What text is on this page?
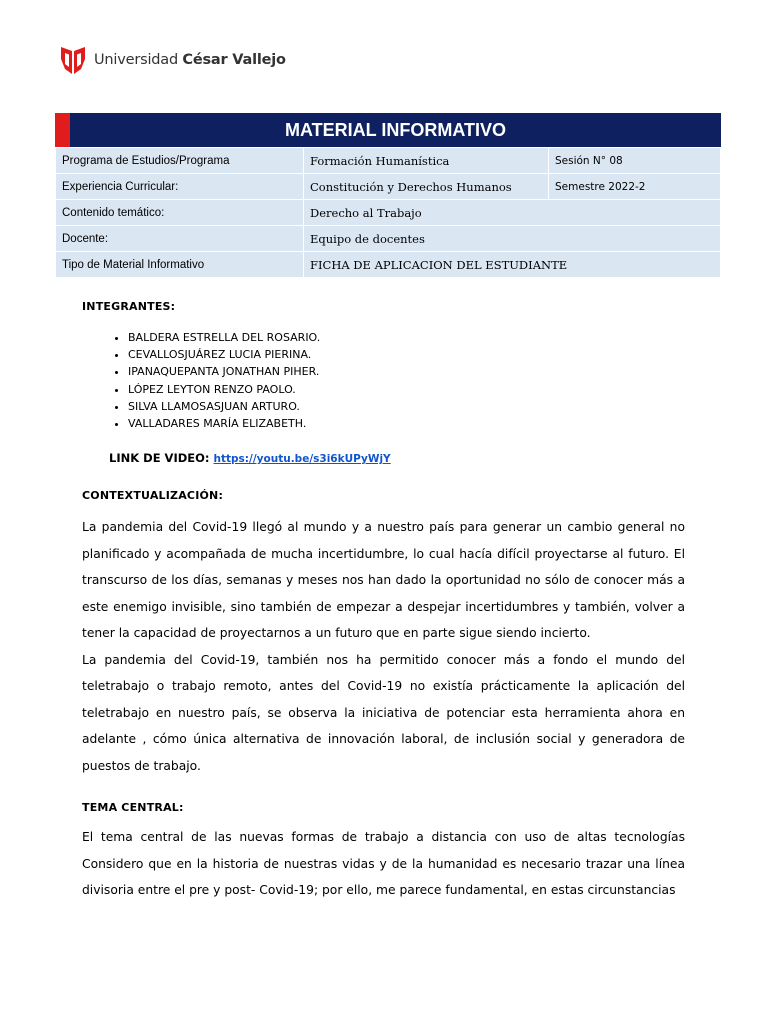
Universidad César Vallejo
MATERIAL INFORMATIVO
Programa de Estudios/Programa	Formación Humanística	Sesión N° 08
Experiencia Curricular:	Constitución y Derechos Humanos	Semestre 2022-2
Contenido temático:	Derecho al Trabajo	
Docente:	Equipo de docentes	
Tipo de Material Informativo	FICHA DE APLICACION DEL ESTUDIANTE	
INTEGRANTES:
• BALDERA ESTRELLA DEL ROSARIO.
• CEVALLOSJUÁREZ LUCIA PIERINA.
• IPANAQUEPANTA JONATHAN PIHER.
• LÓPEZ LEYTON RENZO PAOLO.
• SILVA LLAMOSASJUAN ARTURO.
• VALLADARES MARÍA ELIZABETH.
LINK DE VIDEO: https://youtu.be/s3i6kUPyWjY
CONTEXTUALIZACIÓN:

La pandemia del Covid-19 llegó al mundo y a nuestro país para generar un cambio general no planificado y acompañada de mucha incertidumbre, lo cual hacía difícil proyectarse al futuro. El transcurso de los días, semanas y meses nos han dado la oportunidad no sólo de conocer más a este enemigo invisible, sino también de empezar a despejar incertidumbres y también, volver a tener la capacidad de proyectarnos a un futuro que en parte sigue siendo incierto.

La pandemia del Covid-19, también nos ha permitido conocer más a fondo el mundo del teletrabajo o trabajo remoto, antes del Covid-19 no existía prácticamente la aplicación del teletrabajo en nuestro país, se observa la iniciativa de potenciar esta herramienta ahora en adelante , cómo única alternativa de innovación laboral, de inclusión social y generadora de puestos de trabajo.

TEMA CENTRAL:

El tema central de las nuevas formas de trabajo a distancia con uso de altas tecnologías Considero que en la historia de nuestras vidas y de la humanidad es necesario trazar una línea divisoria entre el pre y post- Covid-19; por ello, me parece fundamental, en estas circunstancias
